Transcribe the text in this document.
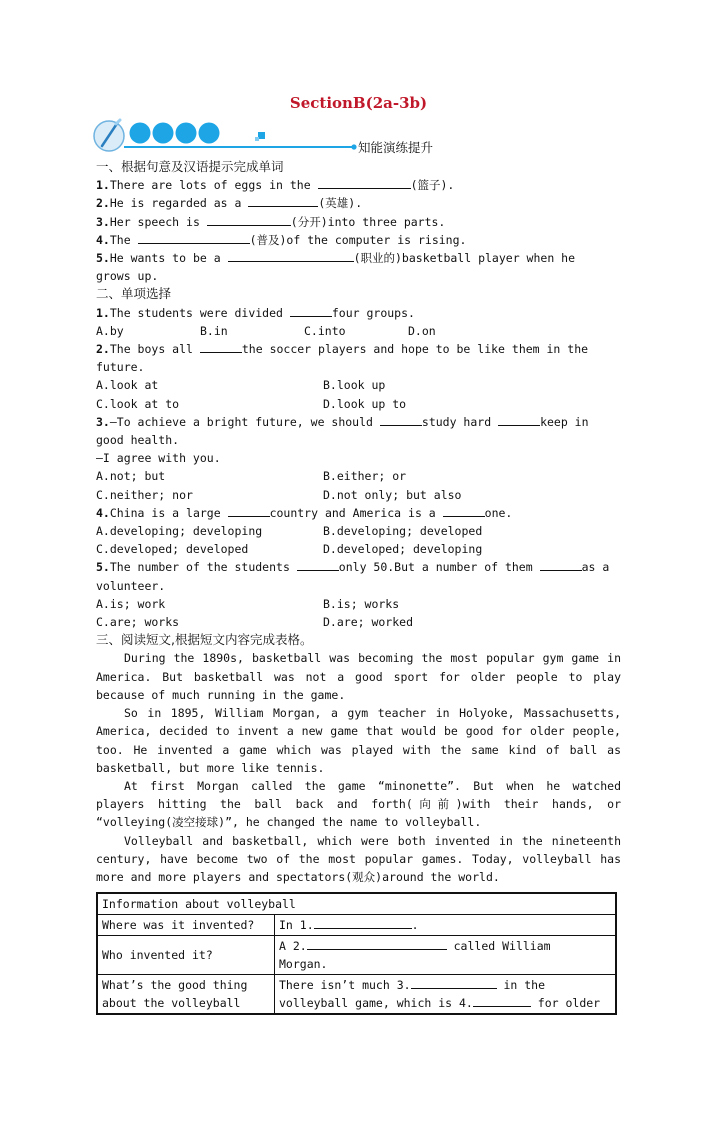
SectionB(2a-3b)
知能演练提升
一、根据句意及汉语提示完成单词
1.There are lots of eggs in the	(篮子).
2.He is regarded as a	(英雄).
3.Her speech is	(分开)into three parts.
4.The	(普及)of the computer is rising.
5.He wants to be a	(职业的)basketball player when he
grows up.
二、单项选择
1.The students were divided	four groups.
A.by	B.in	C.into	D.on
2.The boys all	the soccer players and hope to be like them in the
future.
A.look at	B.look up
C.look at to	D.look up to
3.—To achieve a bright future, we should	study hard	keep in
good health.
—I agree with you.
A.not; but	B.either; or
C.neither; nor	D.not only; but also
4.China is a large	country and America is a	one.
A.developing; developing	B.developing; developed
C.developed; developed	D.developed; developing
5.The number of the students	only 50.But a number of them	as a
volunteer.
A.is; work	B.is; works
C.are; works	D.are; worked
三、阅读短文,根据短文内容完成表格。
During the 1890s, basketball was becoming the most popular gym game in America. But basketball was not a good sport for older people to play because of much running in the game.
So in 1895, William Morgan, a gym teacher in Holyoke, Massachusetts, America, decided to invent a new game that would be good for older people, too. He invented a game which was played with the same kind of ball as basketball, but more like tennis.
At first Morgan called the game “minonette”. But when he watched players hitting the ball back and forth(向前)with their hands, or “volleying(凌空接球)”, he changed the name to volleyball.
Volleyball and basketball, which were both invented in the nineteenth century, have become two of the most popular games. Today, volleyball has more and more players and spectators(观众)around the world.
Information about volleyball	
Where was it invented?	In 1. .
Who invented it?	A 2. called William
Morgan.
What’s the good thing
about the volleyball	There isn’t much 3. in the
volleyball game, which is 4. for older
